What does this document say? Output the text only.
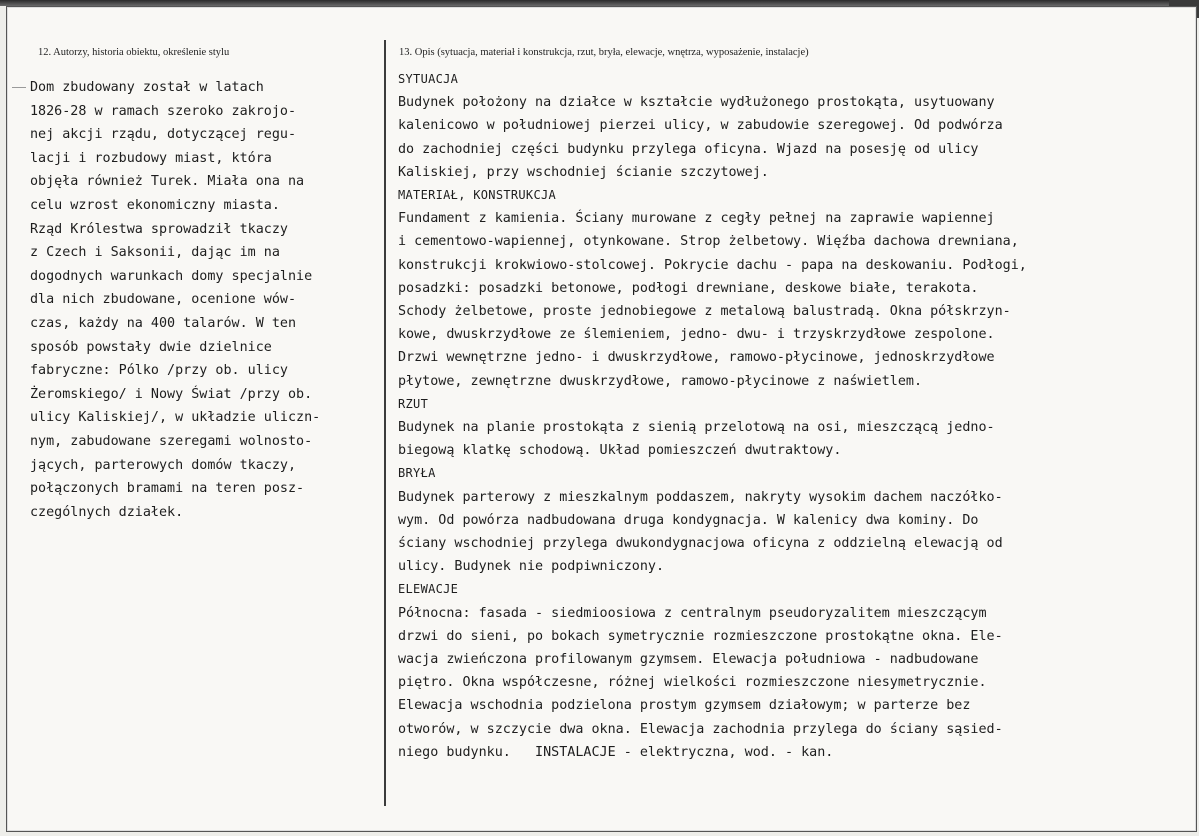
12. Autorzy, historia obiektu, określenie stylu	13. Opis (sytuacja, materiał i konstrukcja, rzut, bryła, elewacje, wnętrza, wyposażenie, instalacje)
Dom zbudowany został w latach
1826-28 w ramach szeroko zakrojo-
nej akcji rządu, dotyczącej regu-
lacji i rozbudowy miast, która
objęła również Turek. Miała ona na
celu wzrost ekonomiczny miasta.
Rząd Królestwa sprowadził tkaczy
z Czech i Saksonii, dając im na
dogodnych warunkach domy specjalnie
dla nich zbudowane, ocenione wów-
czas, każdy na 400 talarów. W ten
sposób powstały dwie dzielnice
fabryczne: Pólko /przy ob. ulicy
Żeromskiego/ i Nowy Świat /przy ob.
ulicy Kaliskiej/, w układzie uliczn-
nym, zabudowane szeregami wolnosto-
jących, parterowych domów tkaczy,
połączonych bramami na teren posz-
czególnych działek.
SYTUACJA
Budynek położony na działce w kształcie wydłużonego prostokąta, usytuowany
kalenicowo w południowej pierzei ulicy, w zabudowie szeregowej. Od podwórza
do zachodniej części budynku przylega oficyna. Wjazd na posesję od ulicy
Kaliskiej, przy wschodniej ścianie szczytowej.
MATERIAŁ, KONSTRUKCJA
Fundament z kamienia. Ściany murowane z cegły pełnej na zaprawie wapiennej
i cementowo-wapiennej, otynkowane. Strop żelbetowy. Więźba dachowa drewniana,
konstrukcji krokwiowo-stolcowej. Pokrycie dachu - papa na deskowaniu. Podłogi,
posadzki: posadzki betonowe, podłogi drewniane, deskowe białe, terakota.
Schody żelbetowe, proste jednobiegowe z metalową balustradą. Okna półskrzyn-
kowe, dwuskrzydłowe ze ślemieniem, jedno- dwu- i trzyskrzydłowe zespolone.
Drzwi wewnętrzne jedno- i dwuskrzydłowe, ramowo-płycinowe, jednoskrzydłowe
płytowe, zewnętrzne dwuskrzydłowe, ramowo-płycinowe z naświetlem.
RZUT
Budynek na planie prostokąta z sienią przelotową na osi, mieszczącą jedno-
biegową klatkę schodową. Układ pomieszczeń dwutraktowy.
BRYŁA
Budynek parterowy z mieszkalnym poddaszem, nakryty wysokim dachem naczółko-
wym. Od powórza nadbudowana druga kondygnacja. W kalenicy dwa kominy. Do
ściany wschodniej przylega dwukondygnacjowa oficyna z oddzielną elewacją od
ulicy. Budynek nie podpiwniczony.
ELEWACJE
Północna: fasada - siedmioosiowa z centralnym pseudoryzalitem mieszczącym
drzwi do sieni, po bokach symetrycznie rozmieszczone prostokątne okna. Ele-
wacja zwieńczona profilowanym gzymsem. Elewacja południowa - nadbudowane
piętro. Okna współczesne, różnej wielkości rozmieszczone niesymetrycznie.
Elewacja wschodnia podzielona prostym gzymsem działowym; w parterze bez
otworów, w szczycie dwa okna. Elewacja zachodnia przylega do ściany sąsied-
niego budynku.   INSTALACJE - elektryczna, wod. - kan.
